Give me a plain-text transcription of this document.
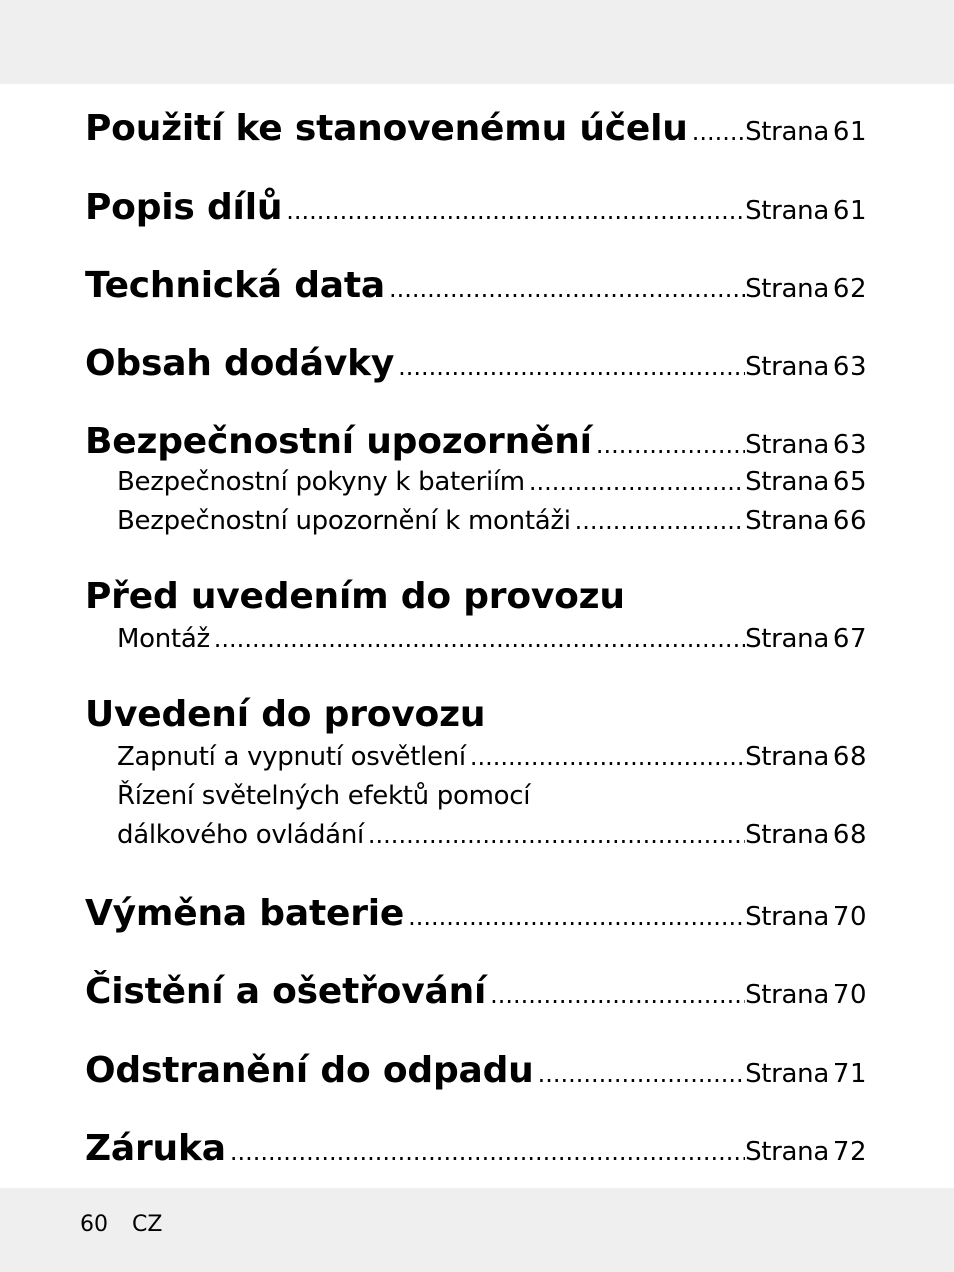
Použití ke stanovenému účelu ..... Strana 61
Popis dílů .....	Strana 61
Technická data .....	Strana 62
Obsah dodávky .....	Strana 63
Bezpečnostní upozornění .....	Strana 63
Bezpečnostní pokyny k bateriím .....	Strana 65
Bezpečnostní upozornění k montáži .....	Strana 66
Před uvedením do provozu
Montáž .....	Strana 67
Uvedení do provozu
Zapnutí a vypnutí osvětlení .....	Strana 68
Řízení světelných efektů pomocí
dálkového ovládání .....	Strana 68
Výměna baterie .....	Strana 70
Čistění a ošetřování .....	Strana 70
Odstranění do odpadu .....	Strana 71
Záruka .....	Strana 72
60 CZ
